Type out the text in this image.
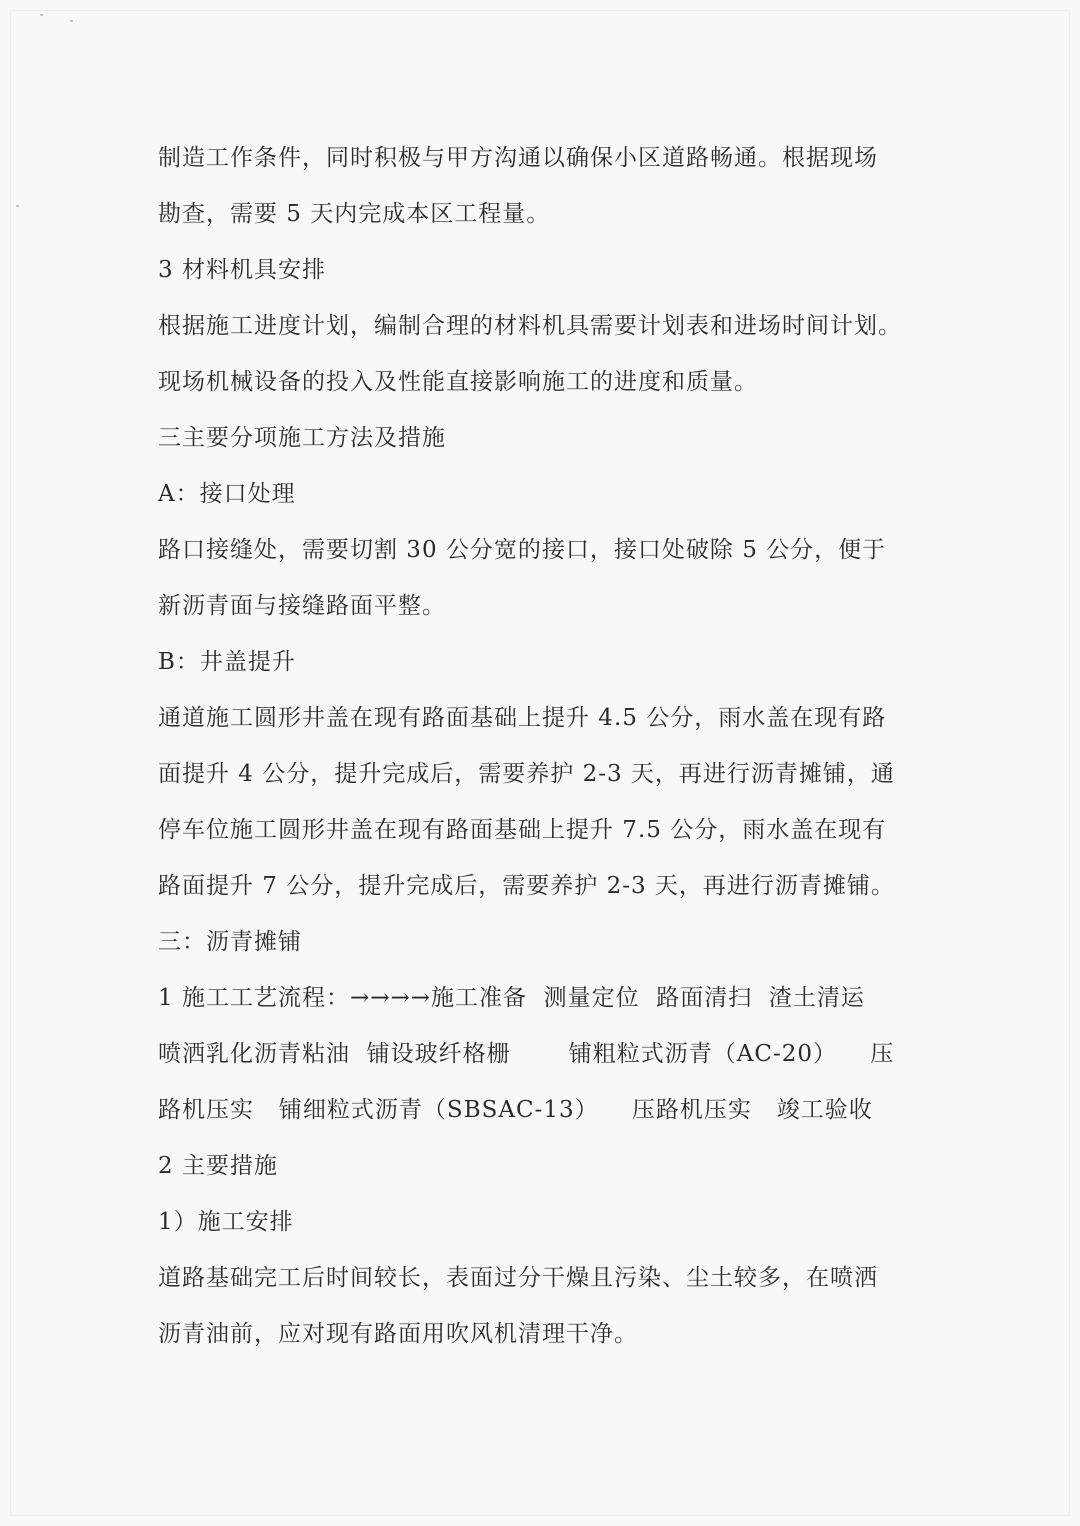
制造工作条件，同时积极与甲方沟通以确保小区道路畅通。根据现场
勘查，需要 5 天内完成本区工程量。
3 材料机具安排
根据施工进度计划，编制合理的材料机具需要计划表和进场时间计划。
现场机械设备的投入及性能直接影响施工的进度和质量。
三主要分项施工方法及措施
A：接口处理
路口接缝处，需要切割 30 公分宽的接口，接口处破除 5 公分，便于
新沥青面与接缝路面平整。
B：井盖提升
通道施工圆形井盖在现有路面基础上提升 4.5 公分，雨水盖在现有路
面提升 4 公分，提升完成后，需要养护 2-3 天，再进行沥青摊铺，通
停车位施工圆形井盖在现有路面基础上提升 7.5 公分，雨水盖在现有
路面提升 7 公分，提升完成后，需要养护 2-3 天，再进行沥青摊铺。
三：沥青摊铺
1 施工工艺流程：→→→→施工准备  测量定位  路面清扫  渣土清运
喷洒乳化沥青粘油  铺设玻纤格栅       铺粗粒式沥青（AC-20）    压
路机压实   铺细粒式沥青（SBSAC-13）    压路机压实   竣工验收
2 主要措施
1）施工安排
道路基础完工后时间较长，表面过分干燥且污染、尘土较多，在喷洒
沥青油前，应对现有路面用吹风机清理干净。
